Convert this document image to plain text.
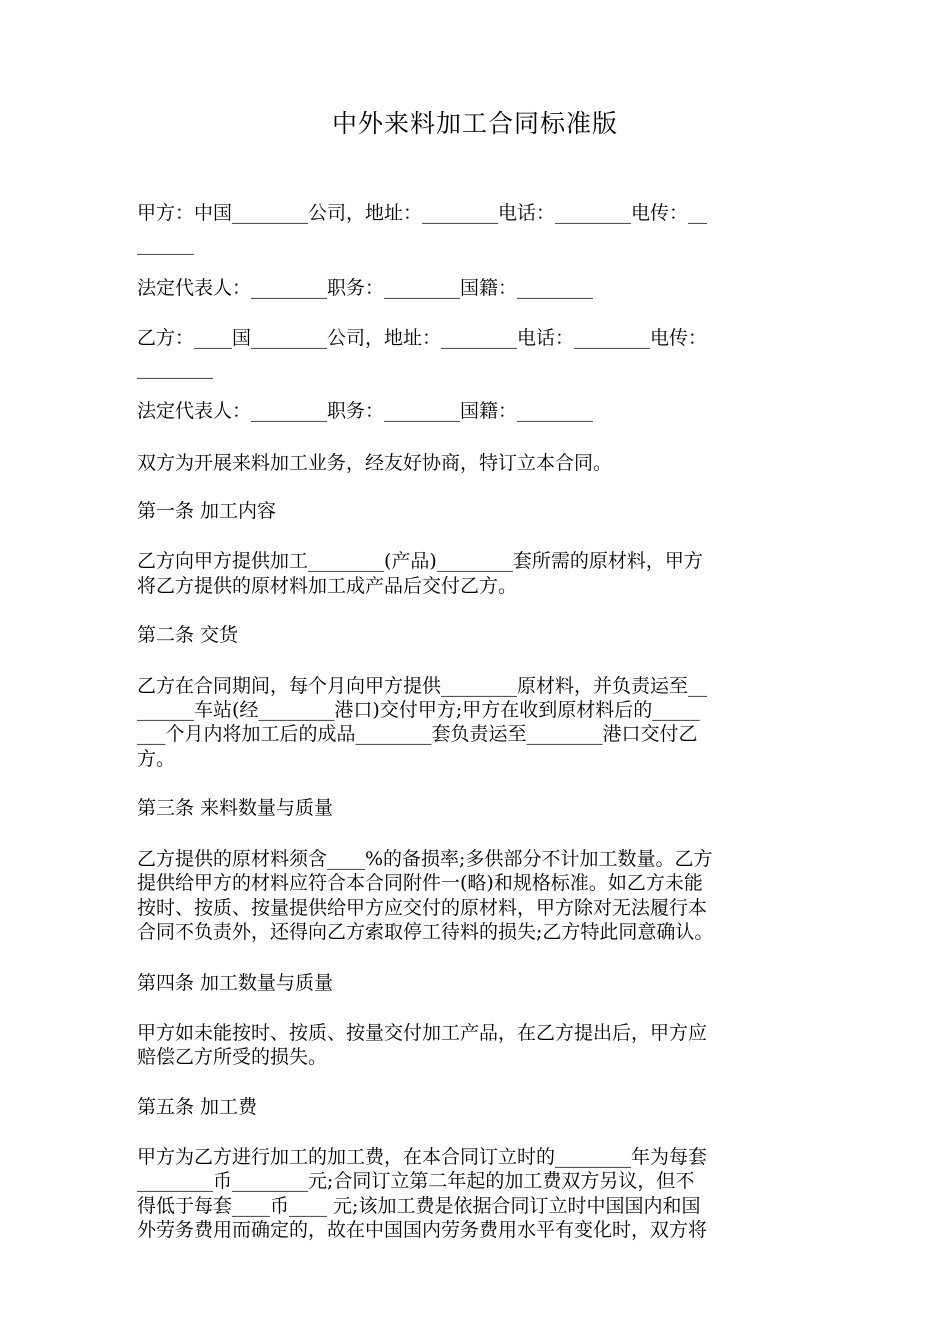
中外来料加工合同标准版
甲方：中国________公司，地址：________电话：________电传：__
______
法定代表人：________职务：________国籍：________
乙方：____国________公司，地址：________电话：________电传：
________
法定代表人：________职务：________国籍：________
双方为开展来料加工业务，经友好协商，特订立本合同。
第一条 加工内容
乙方向甲方提供加工________(产品)________套所需的原材料，甲方
将乙方提供的原材料加工成产品后交付乙方。
第二条 交货
乙方在合同期间，每个月向甲方提供________原材料，并负责运至__
______车站(经________港口)交付甲方;甲方在收到原材料后的_____
___个月内将加工后的成品________套负责运至________港口交付乙
方。
第三条 来料数量与质量
乙方提供的原材料须含____%的备损率;多供部分不计加工数量。乙方
提供给甲方的材料应符合本合同附件一(略)和规格标准。如乙方未能
按时、按质、按量提供给甲方应交付的原材料，甲方除对无法履行本
合同不负责外，还得向乙方索取停工待料的损失;乙方特此同意确认。
第四条 加工数量与质量
甲方如未能按时、按质、按量交付加工产品，在乙方提出后，甲方应
赔偿乙方所受的损失。
第五条 加工费
甲方为乙方进行加工的加工费，在本合同订立时的________年为每套
________币________元;合同订立第二年起的加工费双方另议，但不
得低于每套____币____ 元;该加工费是依据合同订立时中国国内和国
外劳务费用而确定的，故在中国国内劳务费用水平有变化时，双方将
